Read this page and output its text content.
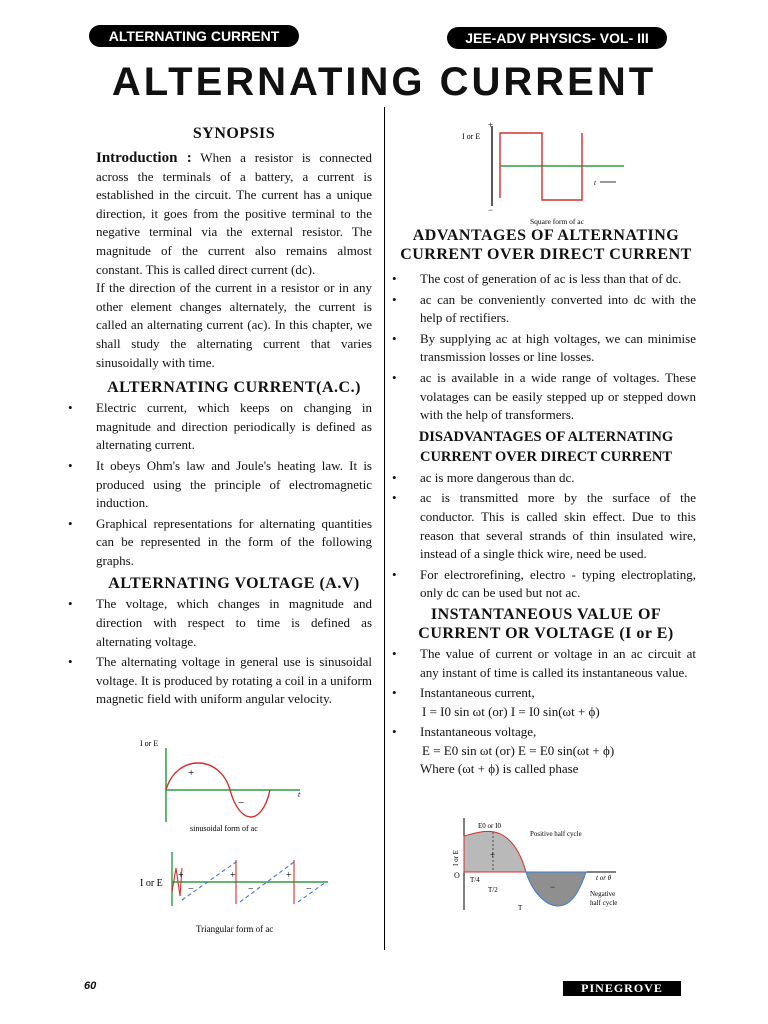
ALTERNATING CURRENT	JEE-ADV PHYSICS- VOL- III
ALTERNATING CURRENT
SYNOPSIS

Introduction : When a resistor is connected across the terminals of a battery, a current is established in the circuit. The current has a unique direction, it goes from the positive terminal to the negative terminal via the external resistor. The magnitude of the current also remains almost constant. This is called direct current (dc).

If the direction of the current in a resistor or in any other element changes alternately, the current is called an alternating current (ac). In this chapter, we shall study the alternating current that varies sinusoidally with time.

ALTERNATING CURRENT(A.C.)
• Electric current, which keeps on changing in magnitude and direction periodically is defined as alternating current.
• It obeys Ohm's law and Joule's heating law. It is produced using the principle of electromagnetic induction.
• Graphical representations for alternating quantities can be represented in the form of the following graphs.
ALTERNATING VOLTAGE (A.V)
• The voltage, which changes in magnitude and direction with respect to time is defined as alternating voltage.
• The alternating voltage in general use is sinusoidal voltage. It is produced by rotating a coil in a uniform magnetic field with uniform angular velocity.
I or E
t
+
−
sinusoidal form of ac
I or E
+	+	+
−	−	−
Triangular form of ac
I or E
+
−
t
Square form of ac
ADVANTAGES OF ALTERNATING CURRENT OVER DIRECT CURRENT
• The cost of generation of ac is less than that of dc.
• ac can be conveniently converted into dc with the help of rectifiers.
• By supplying ac at high voltages, we can minimise transmission losses or line losses.
• ac is available in a wide range of voltages. These volatages can be easily stepped up or stepped down with the help of transformers.
DISADVANTAGES OF ALTERNATING CURRENT OVER DIRECT CURRENT
• ac is more dangerous than dc.
• ac is transmitted more by the surface of the conductor. This is called skin effect. Due to this reason that several strands of thin insulated wire, instead of a single thick wire, need be used.
• For electrorefining, electro - typing electroplating, only dc can be used but not ac.
INSTANTANEOUS VALUE OF CURRENT OR VOLTAGE (I or E)
• The value of current or voltage in an ac circuit at any instant of time is called its instantaneous value.
• Instantaneous current,
I = I0 sin ωt (or) I = I0 sin(ωt + ϕ)
• Instantaneous voltage,
E = E0 sin ωt (or) E = E0 sin(ωt + ϕ)
Where (ωt + ϕ) is called phase
I or E
E0 or I0
Positive half cycle
Negative
half cycle
O T/4
T/2
T
t or θ
+
−
60	PINEGROVE
